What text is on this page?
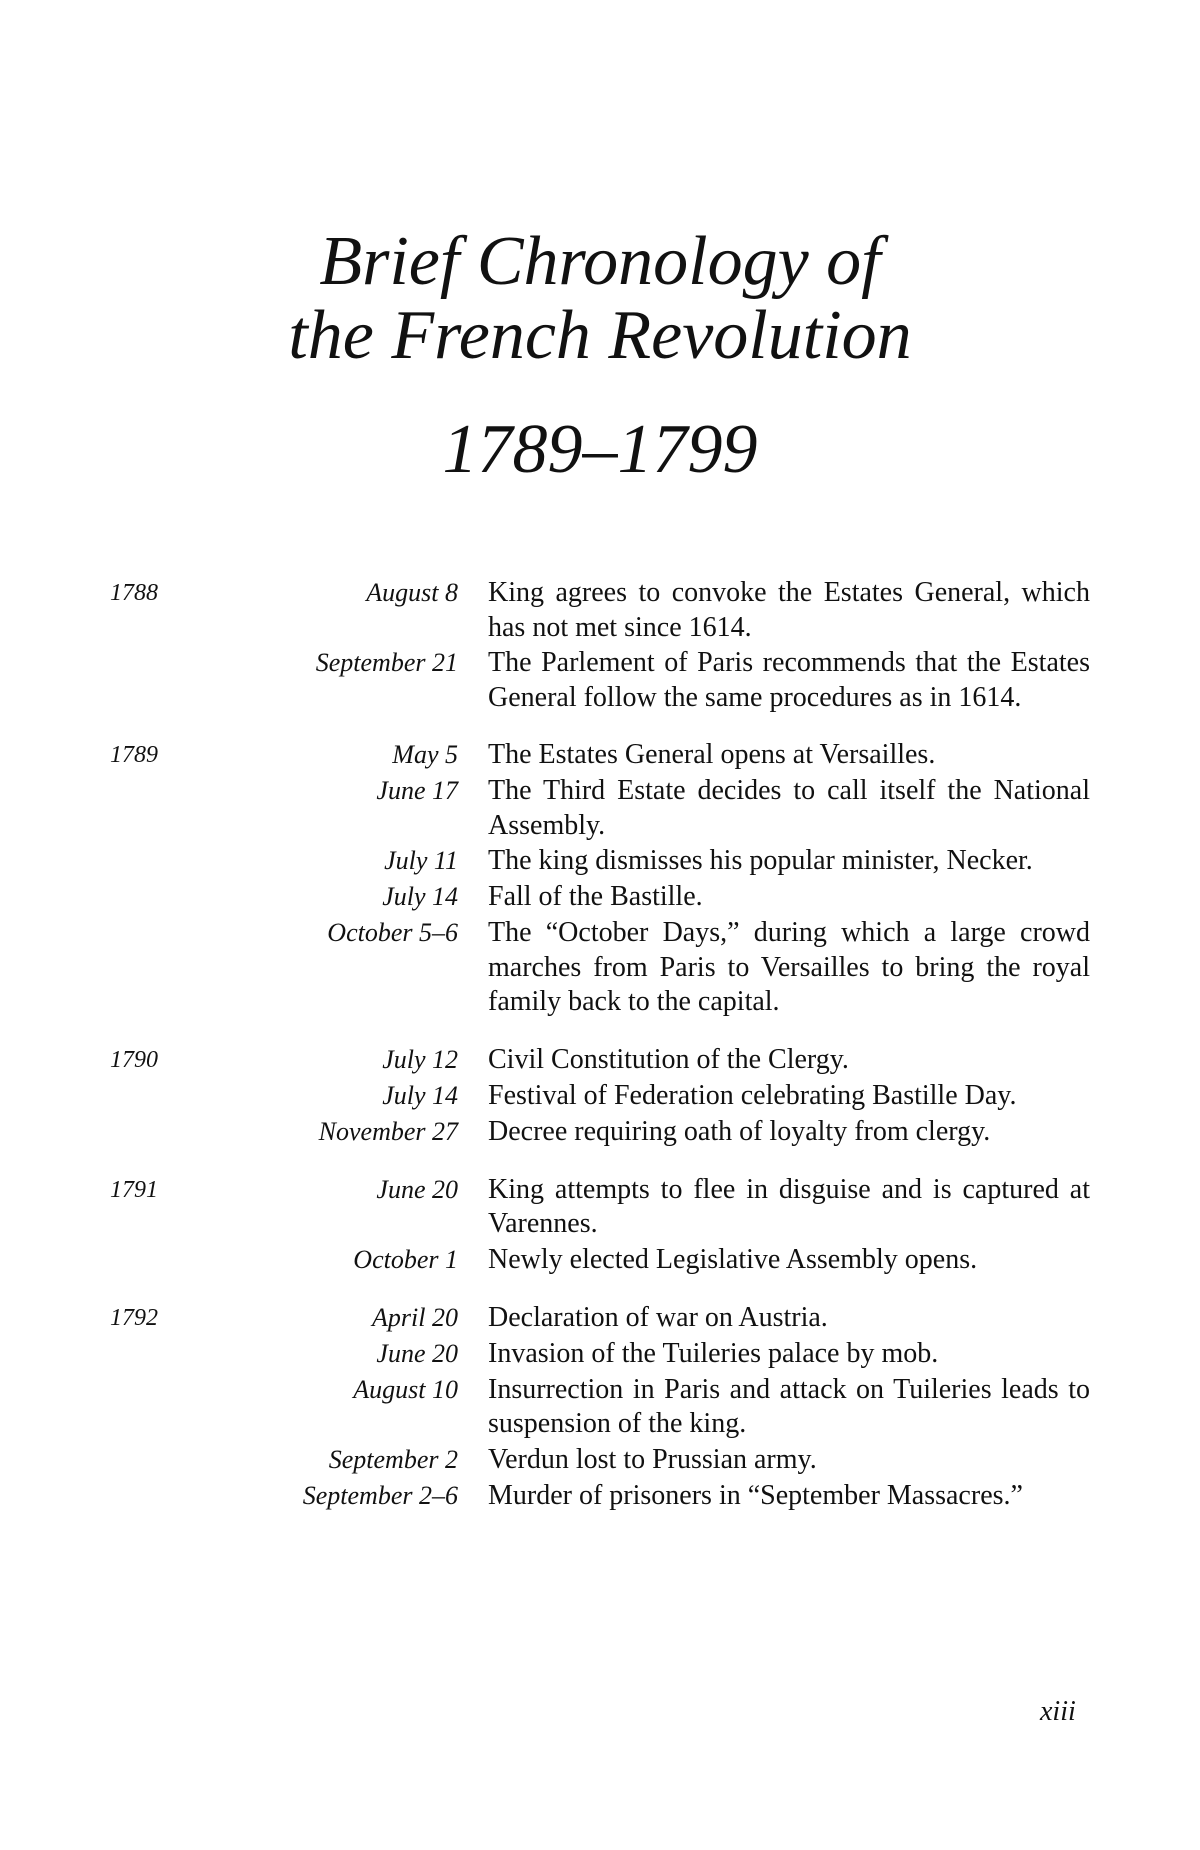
Brief Chronology of
the French Revolution
1789–1799
1788	August 8	King agrees to convoke the Estates General, which has not met since 1614.
September 21	The Parlement of Paris recommends that the Estates General follow the same procedures as in 1614.
1789	May 5	The Estates General opens at Versailles.
June 17	The Third Estate decides to call itself the National Assembly.
July 11	The king dismisses his popular minister, Necker.
July 14	Fall of the Bastille.
October 5–6	The “October Days,” during which a large crowd marches from Paris to Versailles to bring the royal family back to the capital.
1790	July 12	Civil Constitution of the Clergy.
July 14	Festival of Federation celebrating Bastille Day.
November 27	Decree requiring oath of loyalty from clergy.
1791	June 20	King attempts to flee in disguise and is captured at Varennes.
October 1	Newly elected Legislative Assembly opens.
1792	April 20	Declaration of war on Austria.
June 20	Invasion of the Tuileries palace by mob.
August 10	Insurrection in Paris and attack on Tuileries leads to suspension of the king.
September 2	Verdun lost to Prussian army.
September 2–6	Murder of prisoners in “September Massacres.”
xiii
